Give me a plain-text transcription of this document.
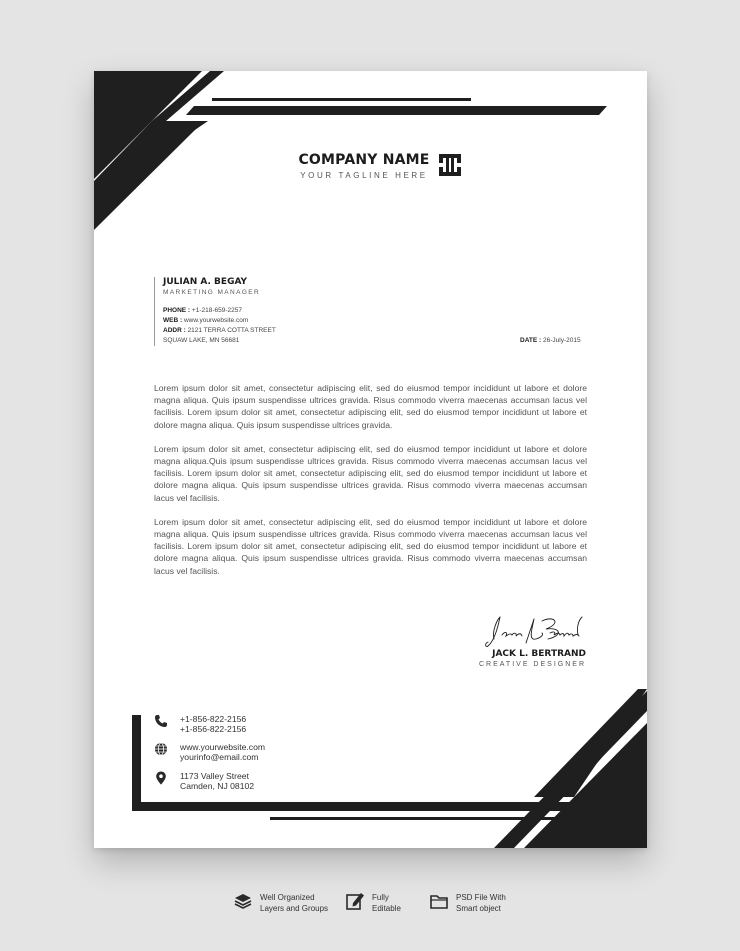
COMPANY NAME
YOUR TAGLINE HERE
JULIAN A. BEGAY
MARKETING MANAGER
PHONE : +1-218-659-2257
WEB : www.yourwebsite.com
ADDR : 2121 TERRA COTTA STREET
SQUAW LAKE, MN 56681	DATE : 26-July-2015

Lorem ipsum dolor sit amet, consectetur adipiscing elit, sed do eiusmod tempor incididunt ut labore et dolore magna aliqua. Quis ipsum suspendisse ultrices gravida. Risus commodo viverra maecenas accumsan lacus vel facilisis. Lorem ipsum dolor sit amet, consectetur adipiscing elit, sed do eiusmod tempor incididunt ut labore et dolore magna aliqua. Quis ipsum suspendisse ultrices gravida.

Lorem ipsum dolor sit amet, consectetur adipiscing elit, sed do eiusmod tempor incididunt ut labore et dolore magna aliqua.Quis ipsum suspendisse ultrices gravida. Risus commodo viverra maecenas accumsan lacus vel facilisis. Lorem ipsum dolor sit amet, consectetur adipiscing elit, sed do eiusmod tempor incididunt ut labore et dolore magna aliqua. Quis ipsum suspendisse ultrices gravida. Risus commodo viverra maecenas accumsan lacus vel facilisis.

Lorem ipsum dolor sit amet, consectetur adipiscing elit, sed do eiusmod tempor incididunt ut labore et dolore magna aliqua. Quis ipsum suspendisse ultrices gravida. Risus commodo viverra maecenas accumsan lacus vel facilisis. Lorem ipsum dolor sit amet, consectetur adipiscing elit, sed do eiusmod tempor incididunt ut labore et dolore magna aliqua. Quis ipsum suspendisse ultrices gravida. Risus commodo viverra maecenas accumsan lacus vel facilisis.

JACK L. BERTRAND
CREATIVE DESIGNER
+1-856-822-2156
+1-856-822-2156
www.yourwebsite.com
yourinfo@email.com
1173 Valley Street
Camden, NJ 08102
Well Organized
Layers and Groups
Fully
Editable
PSD File With
Smart object
